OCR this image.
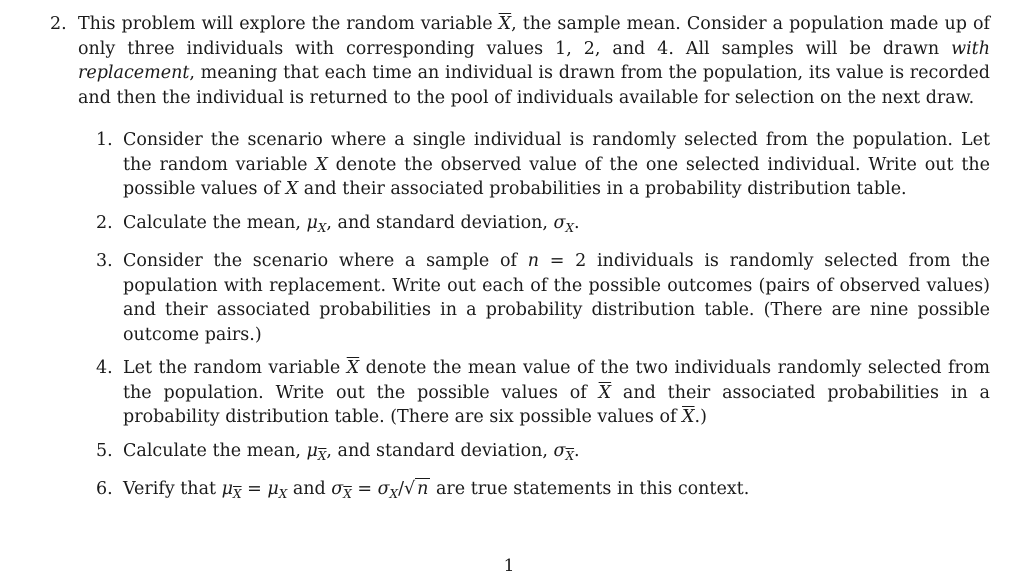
2. This problem will explore the random variable $\overline{X}$, the sample mean. Consider a population made up of only three individuals with corresponding values 1, 2, and 4. All samples will be drawn with replacement, meaning that each time an individual is drawn from the population, its value is recorded and then the individual is returned to the pool of individuals available for selection on the next draw.
1. Consider the scenario where a single individual is randomly selected from the population. Let the random variable X denote the observed value of the one selected individual. Write out the possible values of X and their associated probabilities in a probability distribution table.
2. Calculate the mean, $\mu_X$, and standard deviation, $\sigma_X$.
3. Consider the scenario where a sample of n = 2 individuals is randomly selected from the population with replacement. Write out each of the possible outcomes (pairs of observed values) and their associated probabilities in a probability distribution table. (There are nine possible outcome pairs.)
4. Let the random variable $\overline{X}$ denote the mean value of the two individuals randomly selected from the population. Write out the possible values of $\overline{X}$ and their associated probabilities in a probability distribution table. (There are six possible values of $\overline{X}$.)
5. Calculate the mean, $\mu_{\overline{X}}$, and standard deviation, $\sigma_{\overline{X}}$.
6. Verify that $\mu_{\overline{X}} = \mu_X$ and $\sigma_{\overline{X}} = \sigma_X/√$ n are true statements in this context.
1
